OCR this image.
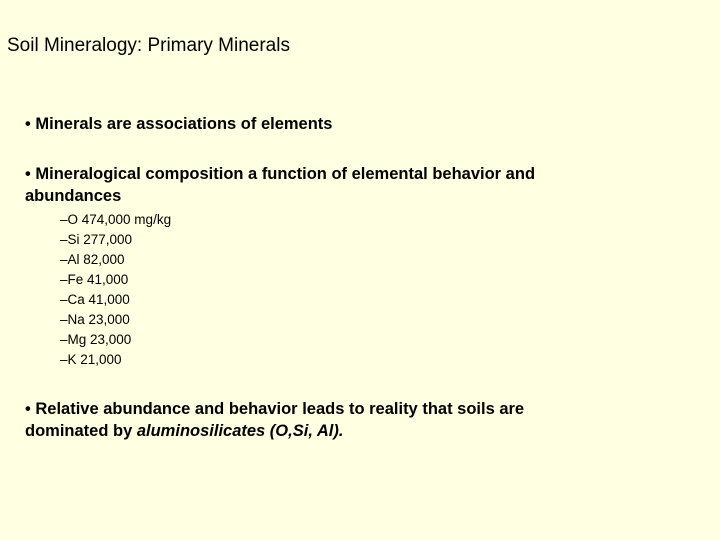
Soil Mineralogy: Primary Minerals

• Minerals are associations of elements

• Mineralogical composition a function of elemental behavior and abundances

–O 474,000 mg/kg
–Si 277,000
–Al 82,000
–Fe 41,000
–Ca 41,000
–Na 23,000
–Mg 23,000
–K 21,000

• Relative abundance and behavior leads to reality that soils are dominated by aluminosilicates (O,Si, Al).
